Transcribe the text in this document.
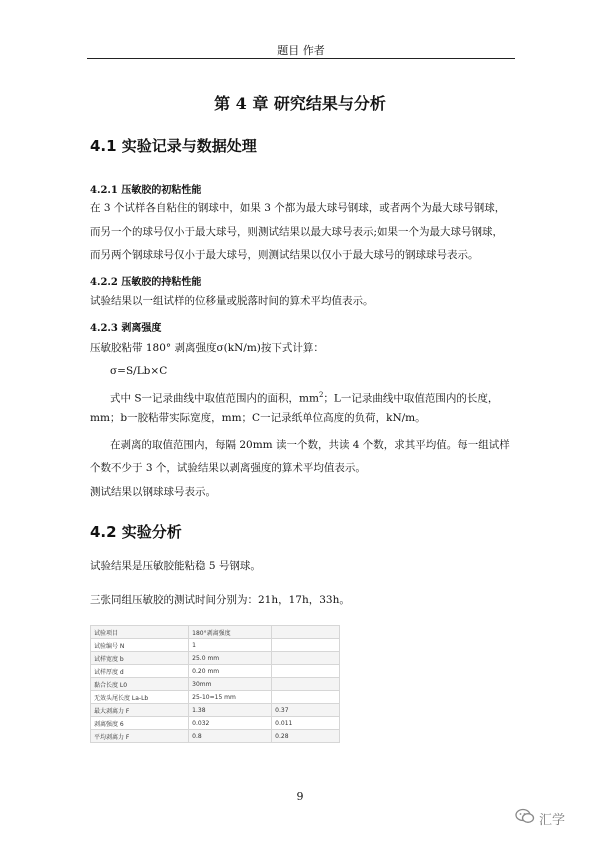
题目 作者
第 4 章 研究结果与分析
4.1 实验记录与数据处理
4.2.1 压敏胶的初粘性能
在 3 个试样各自粘住的钢球中，如果 3 个都为最大球号钢球，或者两个为最大球号钢球，
而另一个的球号仅小于最大球号，则测试结果以最大球号表示;如果一个为最大球号钢球，
而另两个钢球球号仅小于最大球号，则测试结果以仅小于最大球号的钢球球号表示。
4.2.2 压敏胶的持粘性能
试验结果以一组试样的位移量或脱落时间的算术平均值表示。
4.2.3 剥离强度
压敏胶粘带 180° 剥离强度σ(kN/m)按下式计算：
σ=S/Lb×C
式中 S一记录曲线中取值范围内的面积，$mm^2$；L一记录曲线中取值范围内的长度，
mm；b一胶粘带实际宽度，mm；C一记录纸单位高度的负荷，kN/m。
在剥离的取值范围内，每隔 20mm 读一个数，共读 4 个数，求其平均值。每一组试样
个数不少于 3 个，试验结果以剥离强度的算术平均值表示。
测试结果以钢球球号表示。
4.2 实验分析
试验结果是压敏胶能粘稳 5 号钢球。
三张同组压敏胶的测试时间分别为：21h，17h，33h。
试验项目	180°剥离强度	
试验编号 N	1	
试样宽度 b	25.0 mm	
试样厚度 d	0.20 mm	
黏合长度 L0	30mm	
无效头尾长度 La-Lb	25-10=15 mm	
最大剥离力 F	1.38	0.37
剥离强度 6	0.032	0.011
平均剥离力 F	0.8	0.28
9
汇学
